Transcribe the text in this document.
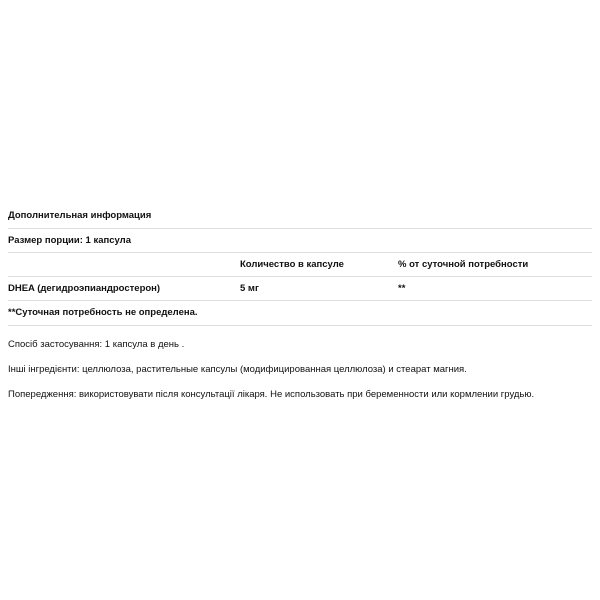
Дополнительная информация
Размер порции: 1 капсула		
	Количество в капсуле	% от суточной потребности
DHEA (дегидроэпиандростерон)	5 мг	**
**Суточная потребность не определена.

Спосіб застосування: 1 капсула в день .

Інші інгредієнти: целлюлоза, растительные капсулы (модифицированная целлюлоза) и стеарат магния.

Попередження: використовувати після консультації лікаря. Не использовать при беременности или кормлении грудью.
